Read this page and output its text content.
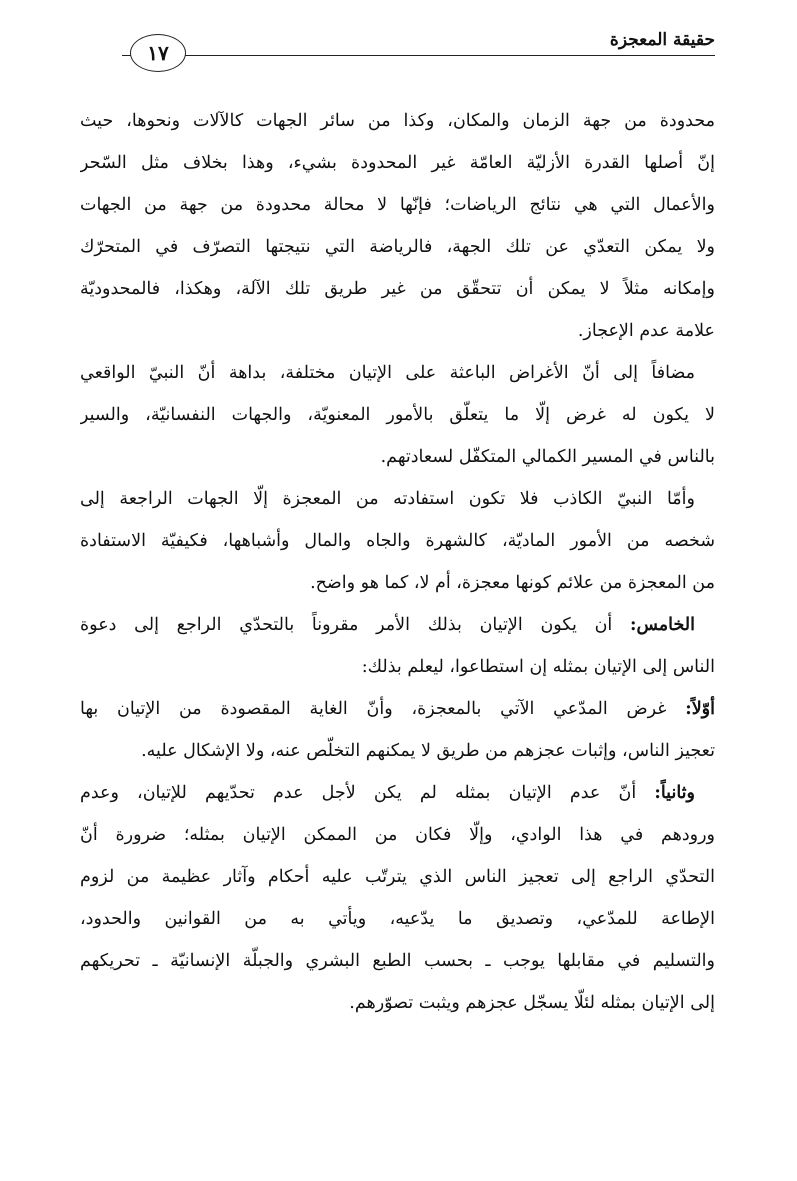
حقيقة المعجزة
١٧
محدودة من جهة الزمان والمكان، وكذا من سائر الجهات كالآلات ونحوها، حيث
إنّ أصلها القدرة الأزليّة العامّة غير المحدودة بشيء، وهذا بخلاف مثل السّحر
والأعمال التي هي نتائج الرياضات؛ فإنّها لا محالة محدودة من جهة من الجهات
ولا يمكن التعدّي عن تلك الجهة، فالرياضة التي نتيجتها التصرّف في المتحرّك
وإمكانه مثلاً لا يمكن أن تتحقّق من غير طريق تلك الآلة، وهكذا، فالمحدوديّة
علامة عدم الإعجاز.
مضافاً إلى أنّ الأغراض الباعثة على الإتيان مختلفة، بداهة أنّ النبيّ الواقعي
لا يكون له غرض إلّا ما يتعلّق بالأمور المعنويّة، والجهات النفسانيّة، والسير
بالناس في المسير الكمالي المتكفّل لسعادتهم.
وأمّا النبيّ الكاذب فلا تكون استفادته من المعجزة إلّا الجهات الراجعة إلى
شخصه من الأمور الماديّة، كالشهرة والجاه والمال وأشباهها، فكيفيّة الاستفادة
من المعجزة من علائم كونها معجزة، أم لا، كما هو واضح.
الخامس: أن يكون الإتيان بذلك الأمر مقروناً بالتحدّي الراجع إلى دعوة
الناس إلى الإتيان بمثله إن استطاعوا، ليعلم بذلك:
أوّلاً: غرض المدّعي الآتي بالمعجزة، وأنّ الغاية المقصودة من الإتيان بها
تعجيز الناس، وإثبات عجزهم من طريق لا يمكنهم التخلّص عنه، ولا الإشكال عليه.
وثانياً: أنّ عدم الإتيان بمثله لم يكن لأجل عدم تحدّيهم للإتيان، وعدم
ورودهم في هذا الوادي، وإلّا فكان من الممكن الإتيان بمثله؛ ضرورة أنّ
التحدّي الراجع إلى تعجيز الناس الذي يترتّب عليه أحكام وآثار عظيمة من لزوم
الإطاعة للمدّعي، وتصديق ما يدّعيه، ويأتي به من القوانين والحدود،
والتسليم في مقابلها يوجب ـ بحسب الطبع البشري والجبلّة الإنسانيّة ـ تحريكهم
إلى الإتيان بمثله لئلّا يسجّل عجزهم ويثبت تصوّرهم.
